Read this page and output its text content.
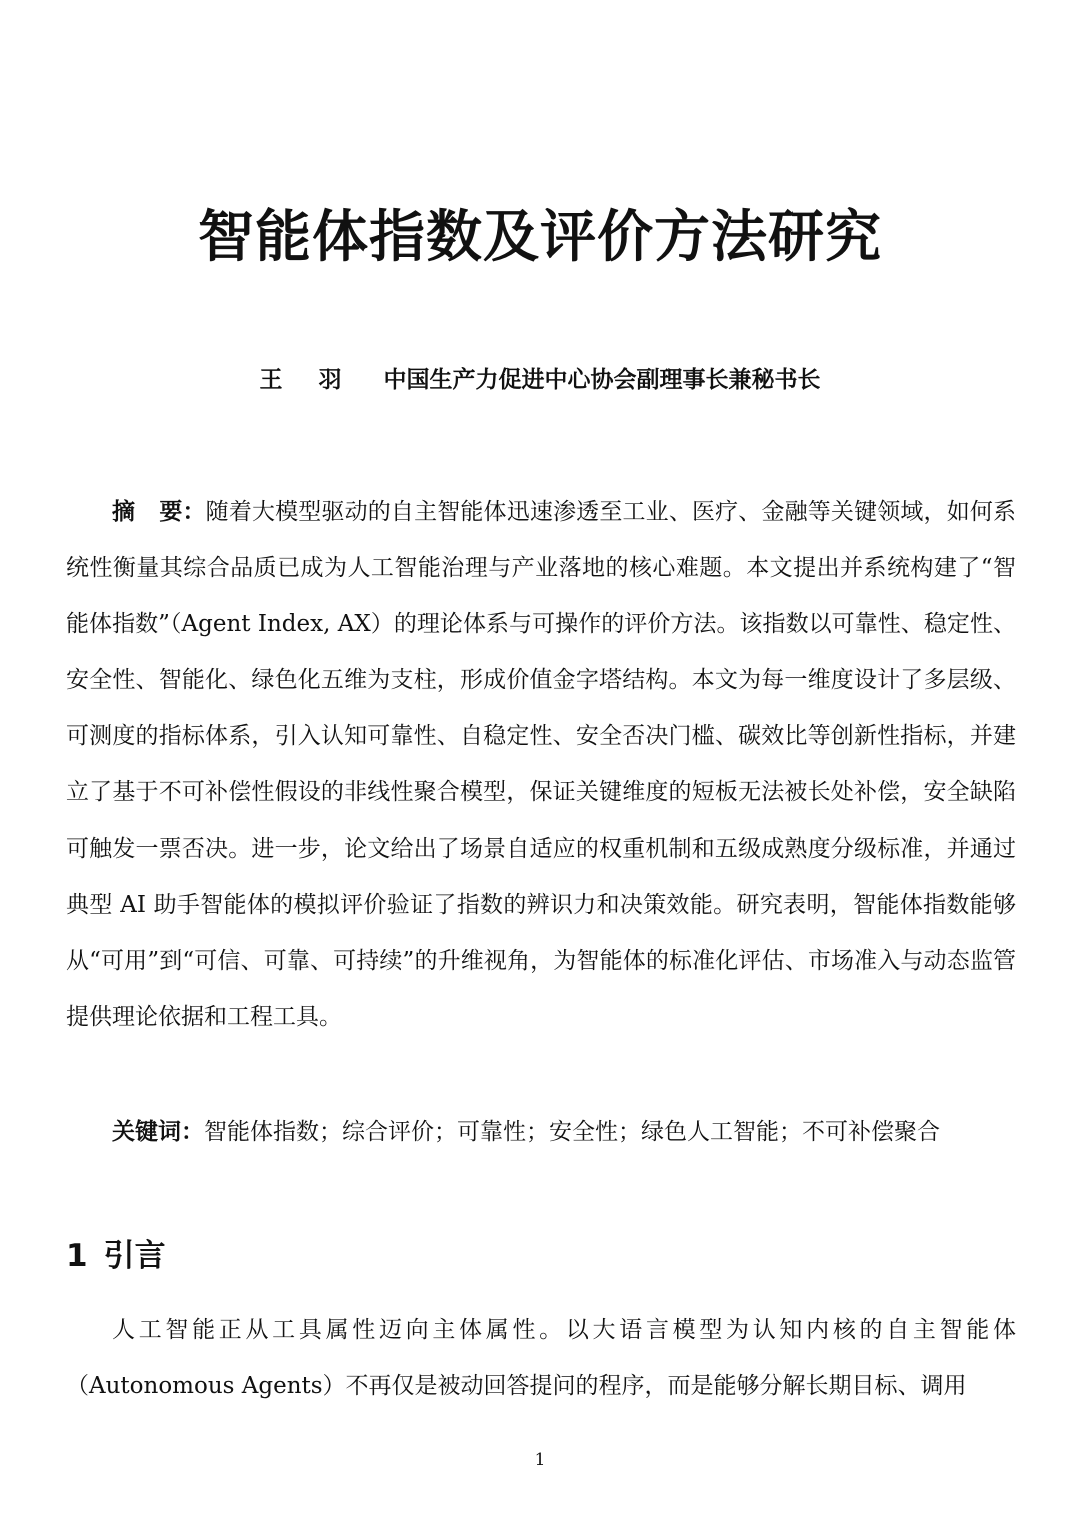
智能体指数及评价方法研究
王 羽 中国生产力促进中心协会副理事长兼秘书长

摘 要：随着大模型驱动的自主智能体迅速渗透至工业、医疗、金融等关键领域，如何系统性衡量其综合品质已成为人工智能治理与产业落地的核心难题。本文提出并系统构建了“智能体指数”（Agent Index, AX）的理论体系与可操作的评价方法。该指数以可靠性、稳定性、安全性、智能化、绿色化五维为支柱，形成价值金字塔结构。本文为每一维度设计了多层级、可测度的指标体系，引入认知可靠性、自稳定性、安全否决门槛、碳效比等创新性指标，并建立了基于不可补偿性假设的非线性聚合模型，保证关键维度的短板无法被长处补偿，安全缺陷可触发一票否决。进一步，论文给出了场景自适应的权重机制和五级成熟度分级标准，并通过典型 AI 助手智能体的模拟评价验证了指数的辨识力和决策效能。研究表明，智能体指数能够从“可用”到“可信、可靠、可持续”的升维视角，为智能体的标准化评估、市场准入与动态监管提供理论依据和工程工具。

关键词：智能体指数；综合评价；可靠性；安全性；绿色人工智能；不可补偿聚合

1 引言

人工智能正从工具属性迈向主体属性。以大语言模型为认知内核的自主智能体（Autonomous Agents）不再仅是被动回答提问的程序，而是能够分解长期目标、调用

1
